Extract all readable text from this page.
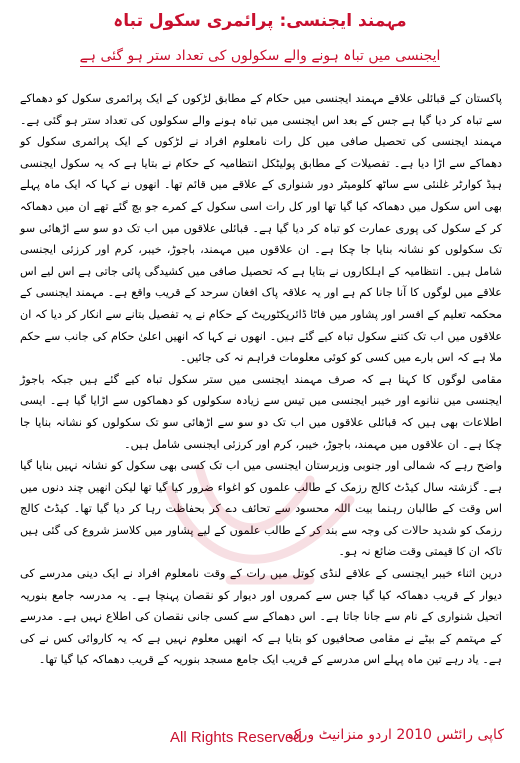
مہمند ایجنسی: پرائمری سکول تباہ
ایجنسی میں تباہ ہونے والے سکولوں کی تعداد ستر ہو گئی ہے

پاکستان کے قبائلی علاقے مہمند ایجنسی میں حکام کے مطابق لڑکوں کے ایک پرائمری سکول کو دھماکے سے تباہ کر دیا گیا ہے جس کے بعد اس ایجنسی میں تباہ ہونے والے سکولوں کی تعداد ستر ہو گئی ہے۔ مہمند ایجنسی کی تحصیل صافی میں کل رات نامعلوم افراد نے لڑکوں کے ایک پرائمری سکول کو دھماکے سے اڑا دیا ہے۔ تفصیلات کے مطابق پولیٹکل انتظامیہ کے حکام نے بتایا ہے کہ یہ سکول ایجنسی ہیڈ کوارٹر غلنئی سے ساٹھ کلومیٹر دور شنواری کے علاقے میں قائم تھا۔ انھوں نے کہا کہ ایک ماہ پہلے بھی اس سکول میں دھماکہ کیا گیا تھا اور کل رات اسی سکول کے کمرے جو بچ گئے تھے ان میں دھماکہ کر کے سکول کی پوری عمارت کو تباہ کر دیا گیا ہے۔ قبائلی علاقوں میں اب تک دو سو سے اڑھائی سو تک سکولوں کو نشانہ بنایا جا چکا ہے۔ ان علاقوں میں مہمند، باجوڑ، خیبر، کرم اور کرزئی ایجنسی شامل ہیں۔ انتظامیہ کے اہلکاروں نے بتایا ہے کہ تحصیل صافی میں کشیدگی پائی جاتی ہے اس لیے اس علاقے میں لوگوں کا آنا جانا کم ہے اور یہ علاقہ پاک افغان سرحد کے قریب واقع ہے۔ مہمند ایجنسی کے محکمہ تعلیم کے افسر اور پشاور میں فاٹا ڈائریکٹوریٹ کے حکام نے یہ تفصیل بتانے سے انکار کر دیا کہ ان علاقوں میں اب تک کتنے سکول تباہ کیے گئے ہیں۔ انھوں نے کہا کہ انھیں اعلیٰ حکام کی جانب سے حکم ملا ہے کہ اس بارے میں کسی کو کوئی معلومات فراہم نہ کی جائیں۔

مقامی لوگوں کا کہنا ہے کہ صرف مہمند ایجنسی میں ستر سکول تباہ کیے گئے ہیں جبکہ باجوڑ ایجنسی میں ننانوے اور خیبر ایجنسی میں تیس سے زیادہ سکولوں کو دھماکوں سے اڑایا گیا ہے۔ ایسی اطلاعات بھی ہیں کہ قبائلی علاقوں میں اب تک دو سو سے اڑھائی سو تک سکولوں کو نشانہ بنایا جا چکا ہے۔ ان علاقوں میں مہمند، باجوڑ، خیبر، کرم اور کرزئی ایجنسی شامل ہیں۔

واضح رہے کہ شمالی اور جنوبی وزیرستان ایجنسی میں اب تک کسی بھی سکول کو نشانہ نہیں بنایا گیا ہے۔ گزشتہ سال کیڈٹ کالج رزمک کے طالب علموں کو اغواء ضرور کیا گیا تھا لیکن انھیں چند دنوں میں اس وقت کے طالبان رہنما بیت اللہ محسود سے تحائف دے کر بحفاظت رہا کر دیا گیا تھا۔ کیڈٹ کالج رزمک کو شدید حالات کی وجہ سے بند کر کے طالب علموں کے لیے پشاور میں کلاسز شروع کی گئی ہیں تاکہ ان کا قیمتی وقت ضائع نہ ہو۔

درین اثناء خیبر ایجنسی کے علاقے لنڈی کوتل میں رات کے وقت نامعلوم افراد نے ایک دینی مدرسے کی دیوار کے قریب دھماکہ کیا گیا جس سے کمروں اور دیوار کو نقصان پہنچا ہے۔ یہ مدرسہ جامع بنوریہ اتحیل شنواری کے نام سے جانا جاتا ہے۔ اس دھماکے سے کسی جانی نقصان کی اطلاع نہیں ہے۔ مدرسے کے مہتمم کے بیٹے نے مقامی صحافیوں کو بتایا ہے کہ انھیں معلوم نہیں ہے کہ یہ کاروائی کس نے کی ہے۔ یاد رہے تین ماہ پہلے اس مدرسے کے قریب ایک جامع مسجد بنوریہ کے قریب دھماکہ کیا گیا تھا۔

All Rights Reserved
کاپی رائٹس 2010 اردو منزانیٹ ورک
